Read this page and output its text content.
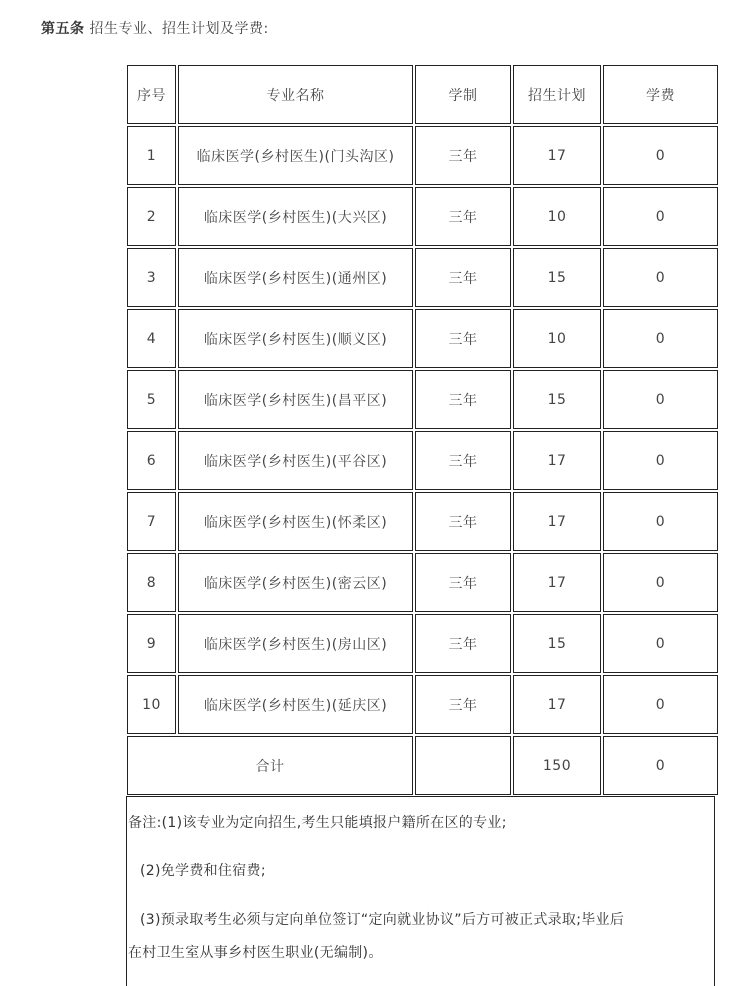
第五条 招生专业、招生计划及学费:
序号	专业名称	学制	招生计划	学费
1	临床医学(乡村医生)(门头沟区)	三年	17	0
2	临床医学(乡村医生)(大兴区)	三年	10	0
3	临床医学(乡村医生)(通州区)	三年	15	0
4	临床医学(乡村医生)(顺义区)	三年	10	0
5	临床医学(乡村医生)(昌平区)	三年	15	0
6	临床医学(乡村医生)(平谷区)	三年	17	0
7	临床医学(乡村医生)(怀柔区)	三年	17	0
8	临床医学(乡村医生)(密云区)	三年	17	0
9	临床医学(乡村医生)(房山区)	三年	15	0
10	临床医学(乡村医生)(延庆区)	三年	17	0
合计			150	0

备注:(1)该专业为定向招生,考生只能填报户籍所在区的专业;

(2)免学费和住宿费;

(3)预录取考生必须与定向单位签订“定向就业协议”后方可被正式录取;毕业后

在村卫生室从事乡村医生职业(无编制)。
